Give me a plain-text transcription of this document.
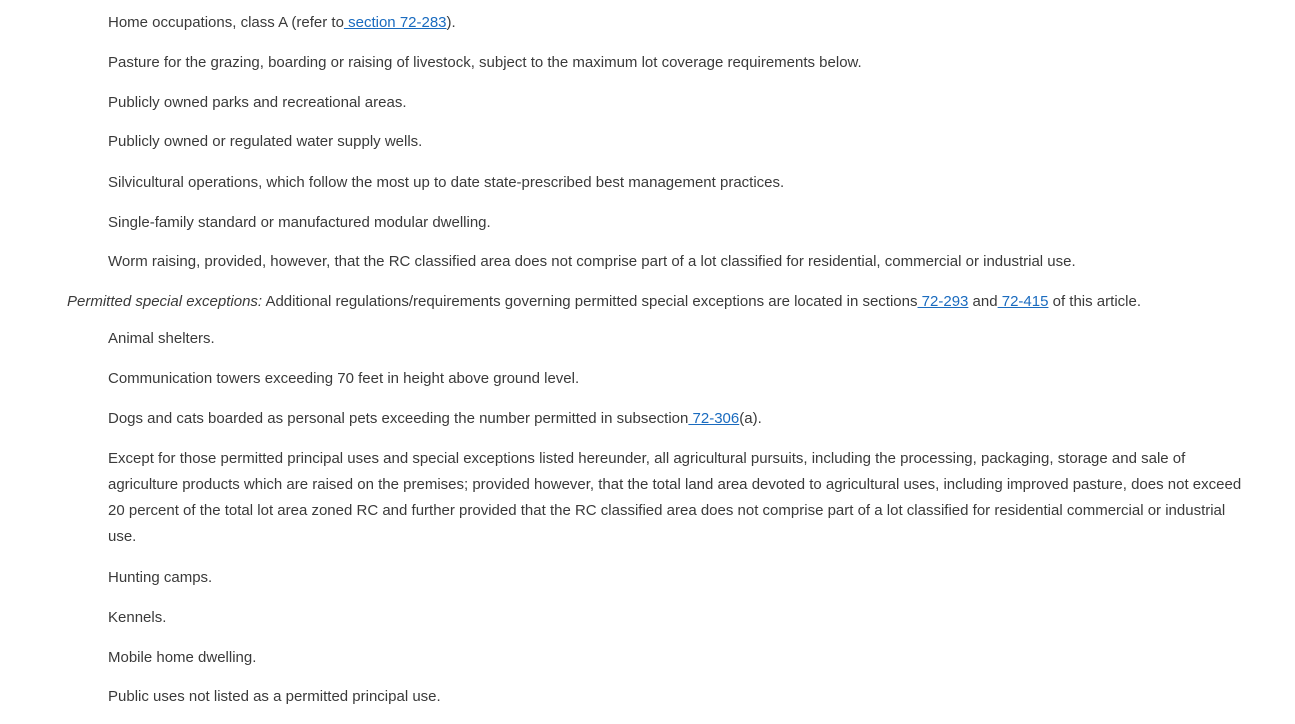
Home occupations, class A (refer to section 72-283).

Pasture for the grazing, boarding or raising of livestock, subject to the maximum lot coverage requirements below.

Publicly owned parks and recreational areas.

Publicly owned or regulated water supply wells.

Silvicultural operations, which follow the most up to date state-prescribed best management practices.

Single-family standard or manufactured modular dwelling.

Worm raising, provided, however, that the RC classified area does not comprise part of a lot classified for residential, commercial or industrial use.

Permitted special exceptions: Additional regulations/requirements governing permitted special exceptions are located in sections 72-293 and 72-415 of this article.

Animal shelters.

Communication towers exceeding 70 feet in height above ground level.

Dogs and cats boarded as personal pets exceeding the number permitted in subsection 72-306(a).

Except for those permitted principal uses and special exceptions listed hereunder, all agricultural pursuits, including the processing, packaging, storage and sale of agriculture products which are raised on the premises; provided however, that the total land area devoted to agricultural uses, including improved pasture, does not exceed 20 percent of the total lot area zoned RC and further provided that the RC classified area does not comprise part of a lot classified for residential commercial or industrial use.

Hunting camps.

Kennels.

Mobile home dwelling.

Public uses not listed as a permitted principal use.
